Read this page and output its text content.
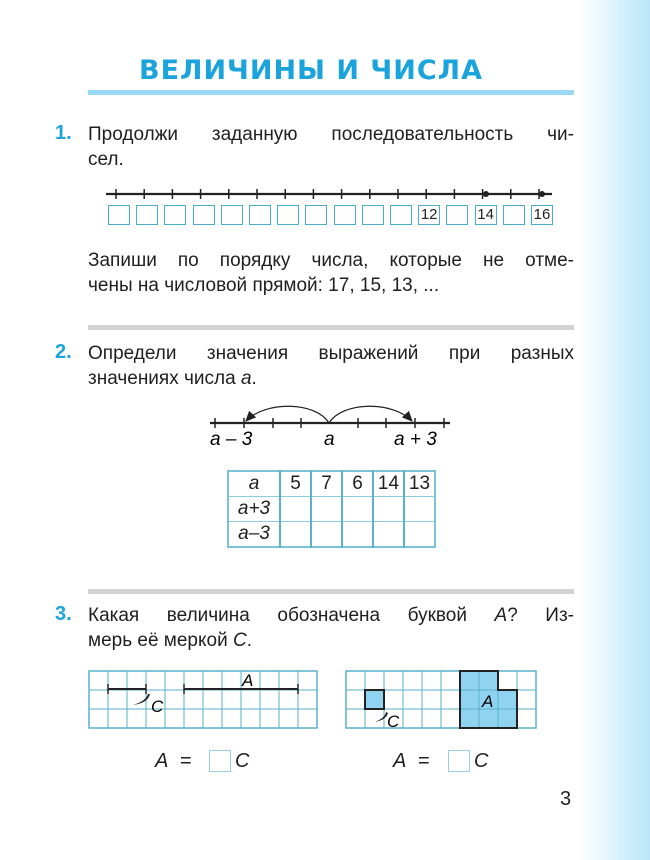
ВЕЛИЧИНЫ И ЧИСЛА
1. Продолжи заданную последовательность чи-
сел.
12	14	16
Запиши по порядку числа, которые не отме-
чены на числовой прямой: 17, 15, 13, ...
2. Определи значения выражений при разных
значениях числа a.
a – 3	a	a + 3
a	5	7	6	14	13
a+3					
a–3					
3. Какая величина обозначена буквой A? Из-
мерь её меркой C.
C
A
C
A
A = C	A = C
3
